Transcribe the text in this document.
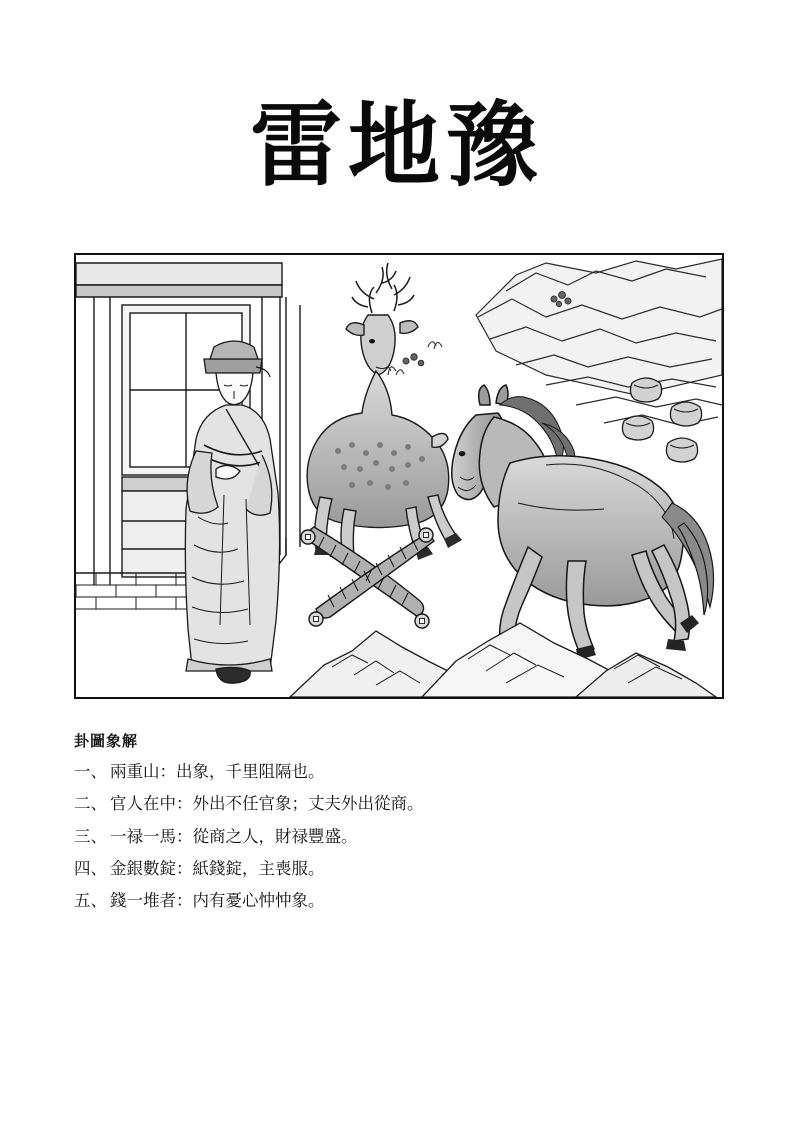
雷地豫
卦圖象解
一、 兩重山：出象，千里阻隔也。
二、 官人在中：外出不任官象；丈夫外出從商。
三、 一禄一馬：從商之人，財禄豐盛。
四、 金銀數錠：紙錢錠，主喪服。
五、 錢一堆者：内有憂心忡忡象。
